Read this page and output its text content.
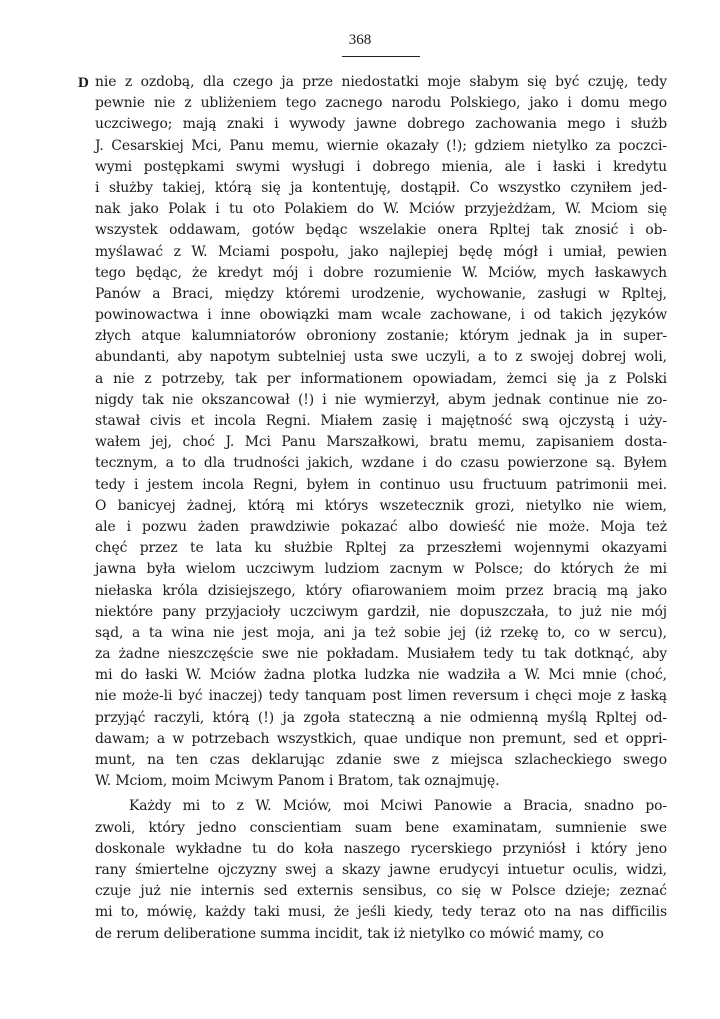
368
D nie z ozdobą, dla czego ja prze niedostatki moje słabym się być czuję, tedy
pewnie nie z ubliżeniem tego zacnego narodu Polskiego, jako i domu mego
uczciwego; mają znaki i wywody jawne dobrego zachowania mego i służb
J. Cesarskiej Mci, Panu memu, wiernie okazały (!); gdziem nietylko za poczci-
wymi postępkami swymi wysługi i dobrego mienia, ale i łaski i kredytu
i służby takiej, którą się ja kontentuję, dostąpił. Co wszystko czyniłem jed-
nak jako Polak i tu oto Polakiem do W. Mciów przyjeżdżam, W. Mciom się
wszystek oddawam, gotów będąc wszelakie onera Rpltej tak znosić i ob-
myślawać z W. Mciami pospołu, jako najlepiej będę mógł i umiał, pewien
tego będąc, że kredyt mój i dobre rozumienie W. Mciów, mych łaskawych
Panów a Braci, między któremi urodzenie, wychowanie, zasługi w Rpltej,
powinowactwa i inne obowiązki mam wcale zachowane, i od takich języków
złych atque kalumniatorów obroniony zostanie; którym jednak ja in super-
abundanti, aby napotym subtelniej usta swe uczyli, a to z swojej dobrej woli,
a nie z potrzeby, tak per informationem opowiadam, żemci się ja z Polski
nigdy tak nie okszancował (!) i nie wymierzył, abym jednak continue nie zo-
stawał civis et incola Regni. Miałem zasię i majętność swą ojczystą i uży-
wałem jej, choć J. Mci Panu Marszałkowi, bratu memu, zapisaniem dosta-
tecznym, a to dla trudności jakich, wzdane i do czasu powierzone są. Byłem
tedy i jestem incola Regni, byłem in continuo usu fructuum patrimonii mei.
O banicyej żadnej, którą mi którys wszetecznik grozi, nietylko nie wiem,
ale i pozwu żaden prawdziwie pokazać albo dowieść nie może. Moja też
chęć przez te lata ku służbie Rpltej za przeszłemi wojennymi okazyami
jawna była wielom uczciwym ludziom zacnym w Polsce; do których że mi
niełaska króla dzisiejszego, który ofiarowaniem moim przez bracią mą jako
niektóre pany przyjacioły uczciwym gardził, nie dopuszczała, to już nie mój
sąd, a ta wina nie jest moja, ani ja też sobie jej (iż rzekę to, co w sercu),
za żadne nieszczęście swe nie pokładam. Musiałem tedy tu tak dotknąć, aby
mi do łaski W. Mciów żadna plotka ludzka nie wadziła a W. Mci mnie (choć,
nie może-li być inaczej) tedy tanquam post limen reversum i chęci moje z łaską
przyjąć raczyli, którą (!) ja zgoła stateczną a nie odmienną myślą Rpltej od-
dawam; a w potrzebach wszystkich, quae undique non premunt, sed et oppri-
munt, na ten czas deklarując zdanie swe z miejsca szlacheckiego swego
W. Mciom, moim Mciwym Panom i Bratom, tak oznajmuję.
Każdy mi to z W. Mciów, moi Mciwi Panowie a Bracia, snadno po-
zwoli, który jedno conscientiam suam bene examinatam, sumnienie swe
doskonale wykładne tu do koła naszego rycerskiego przyniósł i który jeno
rany śmiertelne ojczyzny swej a skazy jawne erudycyi intuetur oculis, widzi,
czuje już nie internis sed externis sensibus, co się w Polsce dzieje; zeznać
mi to, mówię, każdy taki musi, że jeśli kiedy, tedy teraz oto na nas difficilis
de rerum deliberatione summa incidit, tak iż nietylko co mówić mamy, co
